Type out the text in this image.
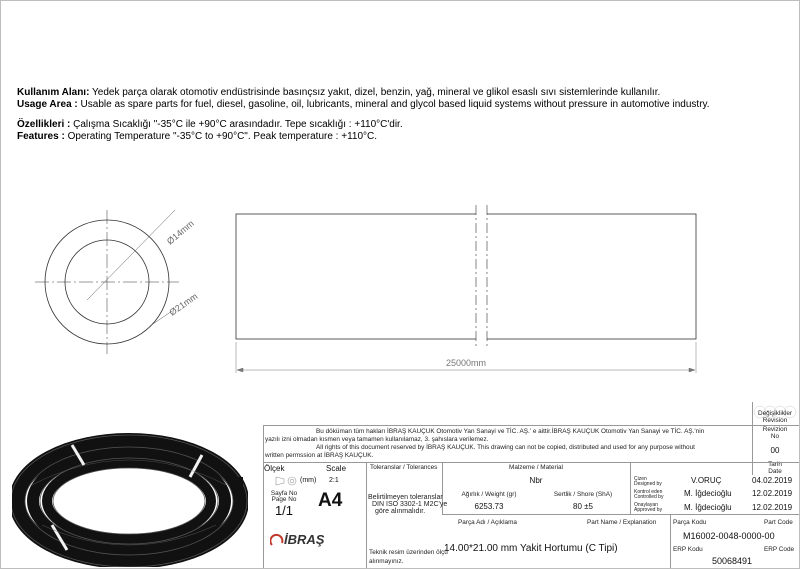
Kullanım Alanı: Yedek parça olarak otomotiv endüstrisinde basınçsız yakıt, dizel, benzin, yağ, mineral ve glikol esaslı sıvı sistemlerinde kullanılır.
Usage Area : Usable as spare parts for fuel, diesel, gasoline, oil, lubricants, mineral and glycol based liquid systems without pressure in automotive industry.
Özellikleri : Çalışma Sıcaklığı "-35°C ile +90°C arasındadır. Tepe sıcaklığı : +110°C'dir.
Features : Operating Temperature "-35°C to +90°C". Peak temperature : +110°C.
Ø14mm
Ø21mm
25000mm
Değişiklikler
Revision
Revizion
No
00
Tarih
Date
Bu döküman tüm hakları İBRAŞ KAUÇUK Otomotiv Yan Sanayi ve TİC. AŞ.' e aittir.İBRAŞ KAUÇUK Otomotiv Yan Sanayi ve TİC. AŞ.'nin
yazılı izni olmadan kısmen veya tamamen kullanılamaz, 3. şahıslara verilemez.
All rights of this document reserved by İBRAŞ KAUÇUK. This drawing can not be copied, distributed and used for any purpose without
written permssion at İBRAŞ KAUÇUK.
Ölçek	Scale
(mm) 2:1
Sayfa No
Page No
1/1	A4
İBRAŞ
Toleranslar / Tolerances
Belirtilmeyen toleranslar
DIN ISO 3302-1 M2C'ye
göre alınmalıdır.
Teknik resim üzerinden ölçü
alınmayınız.
Malzeme / Material
Nbr
Ağırlık / Weight (gr)
6253.73
Sertlik / Shore (ShA)
80 ±5
Çizen
Designed by	V.ORUÇ	04.02.2019
Kontrol eden
Controlled by	M. İğdecioğlu	12.02.2019
Onaylayan
Approved by	M. İğdecioğlu	12.02.2019
Parça Adı / Açıklama	Part Name / Explanation
14.00*21.00 mm Yakit Hortumu (C Tipi)
Parça Kodu	Part Code
M16002-0048-0000-00
ERP Kodu	ERP Code
50068491
